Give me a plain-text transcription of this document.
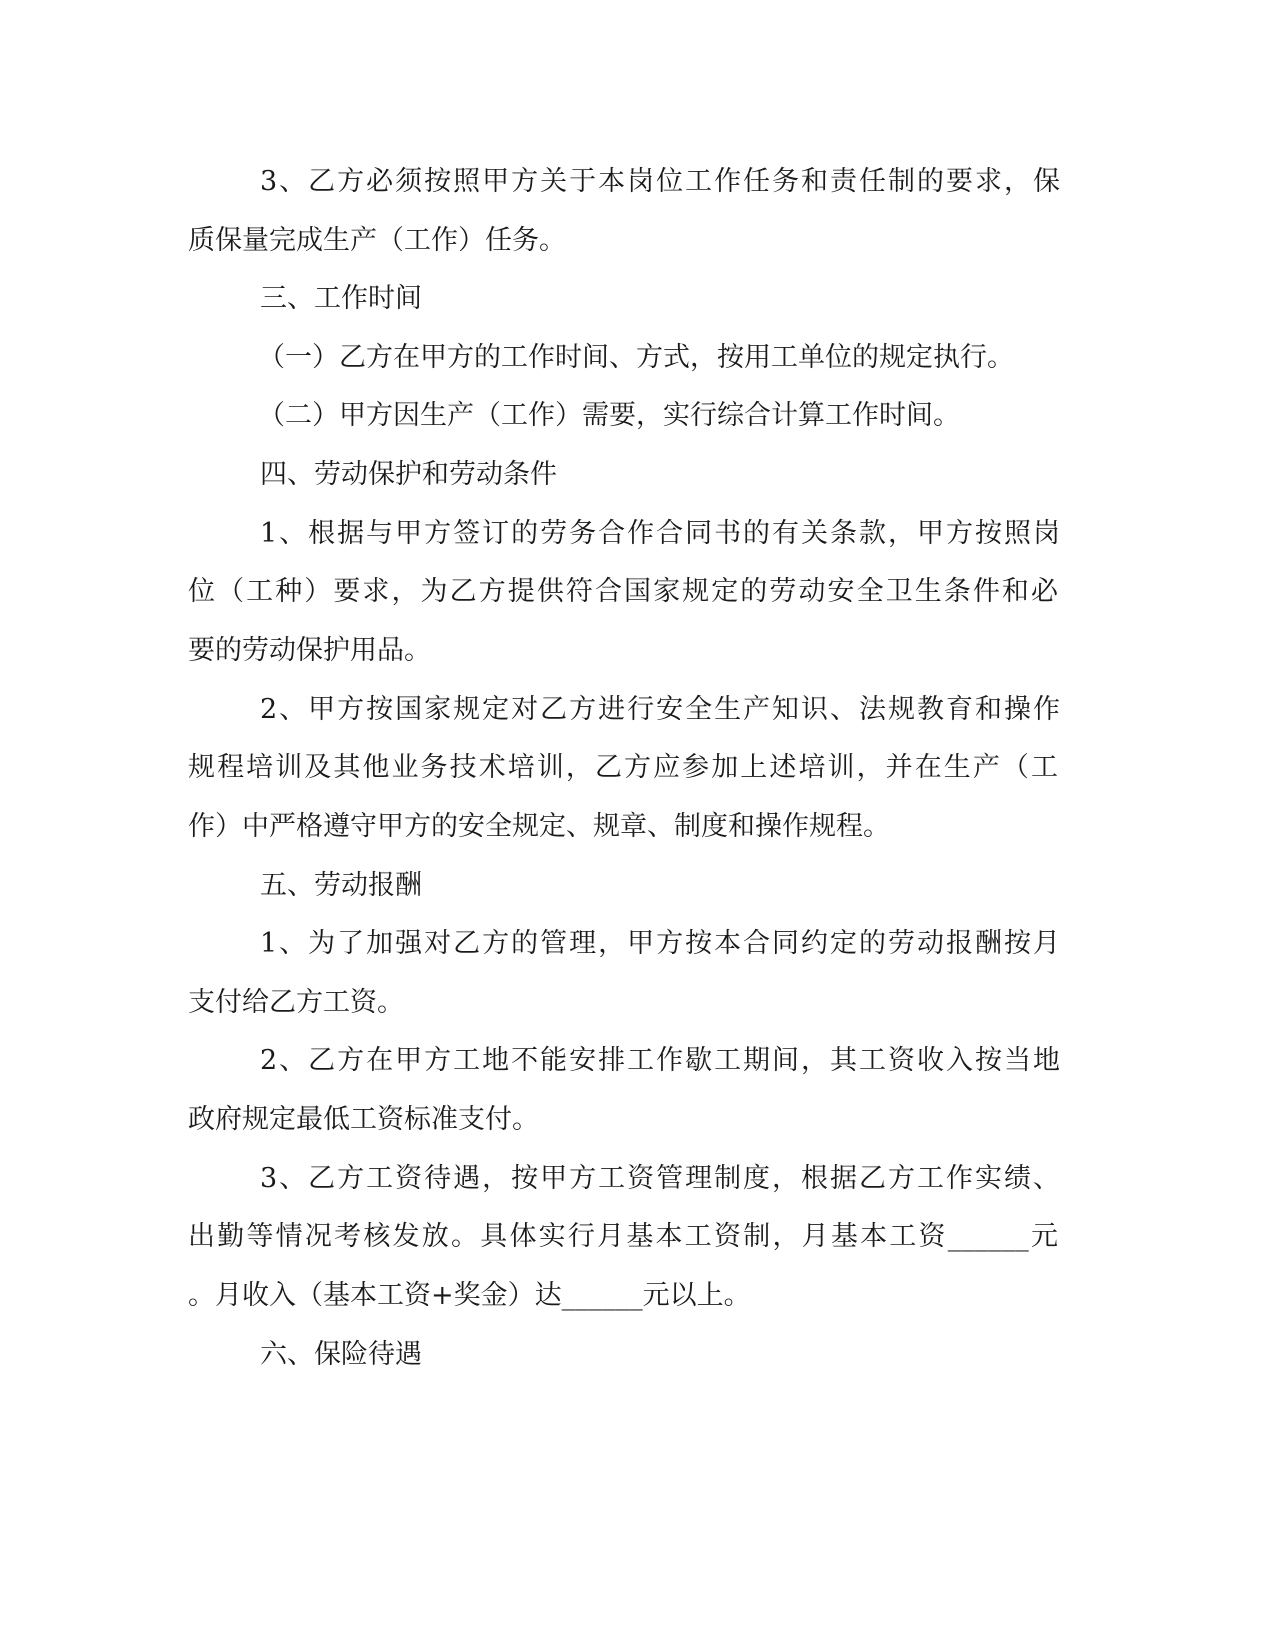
3、乙方必须按照甲方关于本岗位工作任务和责任制的要求，保
质保量完成生产（工作）任务。
三、工作时间
（一）乙方在甲方的工作时间、方式，按用工单位的规定执行。
（二）甲方因生产（工作）需要，实行综合计算工作时间。
四、劳动保护和劳动条件
1、根据与甲方签订的劳务合作合同书的有关条款，甲方按照岗
位（工种）要求，为乙方提供符合国家规定的劳动安全卫生条件和必
要的劳动保护用品。
2、甲方按国家规定对乙方进行安全生产知识、法规教育和操作
规程培训及其他业务技术培训，乙方应参加上述培训，并在生产（工
作）中严格遵守甲方的安全规定、规章、制度和操作规程。
五、劳动报酬
1、为了加强对乙方的管理，甲方按本合同约定的劳动报酬按月
支付给乙方工资。
2、乙方在甲方工地不能安排工作歇工期间，其工资收入按当地
政府规定最低工资标准支付。
3、乙方工资待遇，按甲方工资管理制度，根据乙方工作实绩、
出勤等情况考核发放。具体实行月基本工资制，月基本工资______元
。月收入（基本工资+奖金）达______元以上。
六、保险待遇
